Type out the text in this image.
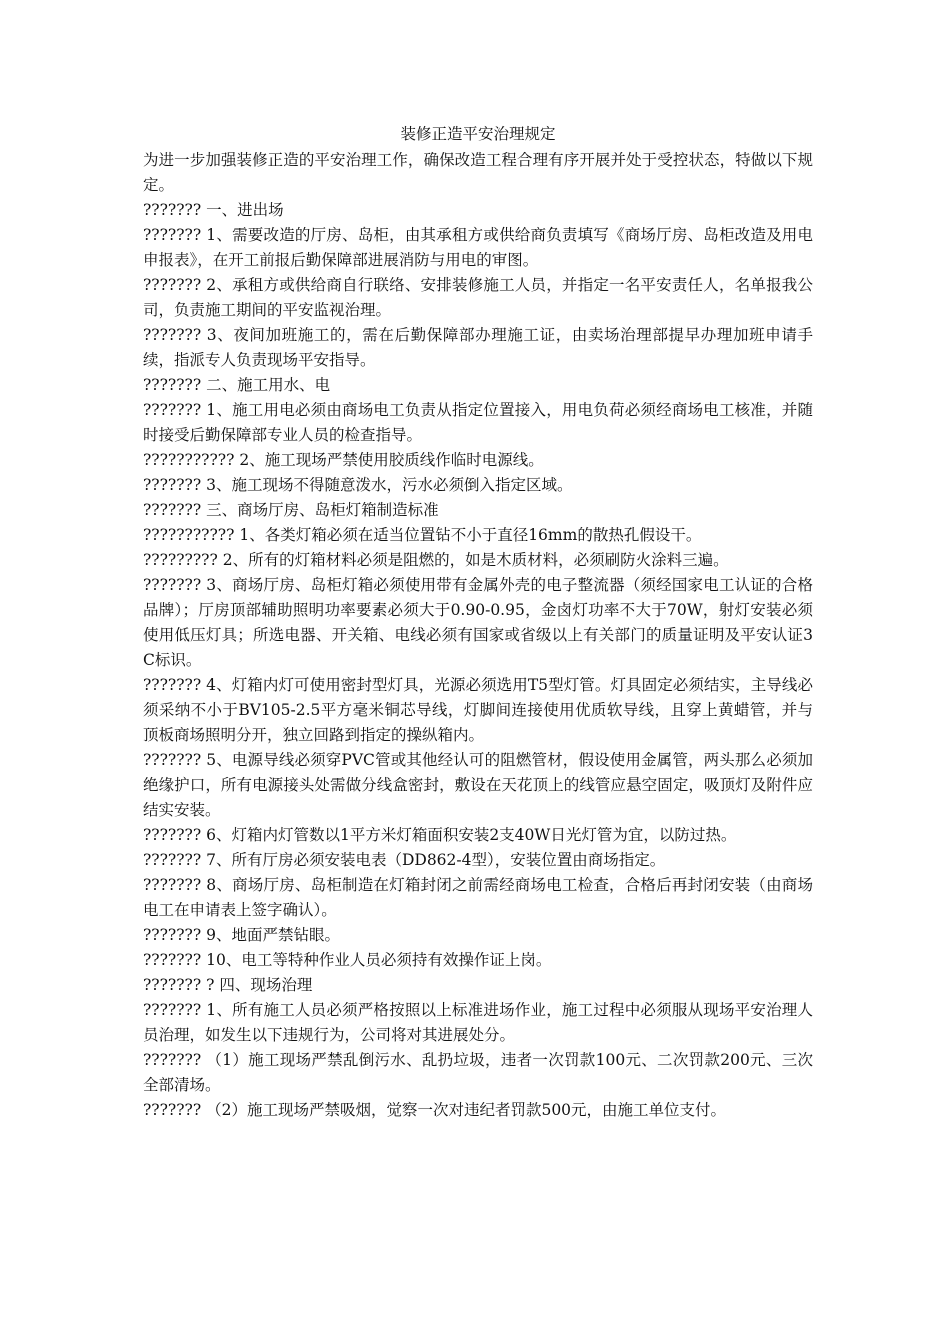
装修正造平安治理规定

为进一步加强装修正造的平安治理工作，确保改造工程合理有序开展并处于受控状态，特做以下规定。

??????? 一、进出场

??????? 1、需要改造的厅房、岛柜，由其承租方或供给商负责填写《商场厅房、岛柜改造及用电申报表》，在开工前报后勤保障部进展消防与用电的审图。

??????? 2、承租方或供给商自行联络、安排装修施工人员，并指定一名平安责任人，名单报我公司，负责施工期间的平安监视治理。

??????? 3、夜间加班施工的，需在后勤保障部办理施工证，由卖场治理部提早办理加班申请手续，指派专人负责现场平安指导。

??????? 二、施工用水、电

??????? 1、施工用电必须由商场电工负责从指定位置接入，用电负荷必须经商场电工核准，并随时接受后勤保障部专业人员的检查指导。

??????????? 2、施工现场严禁使用胶质线作临时电源线。

??????? 3、施工现场不得随意泼水，污水必须倒入指定区域。

??????? 三、商场厅房、岛柜灯箱制造标准

??????????? 1、各类灯箱必须在适当位置钻不小于直径16mm的散热孔假设干。

????????? 2、所有的灯箱材料必须是阻燃的，如是木质材料，必须刷防火涂料三遍。

??????? 3、商场厅房、岛柜灯箱必须使用带有金属外壳的电子整流器（须经国家电工认证的合格品牌）；厅房顶部辅助照明功率要素必须大于0.90-0.95，金卤灯功率不大于70W，射灯安装必须使用低压灯具；所选电器、开关箱、电线必须有国家或省级以上有关部门的质量证明及平安认证3C标识。

??????? 4、灯箱内灯可使用密封型灯具，光源必须选用T5型灯管。灯具固定必须结实，主导线必须采纳不小于BV105-2.5平方毫米铜芯导线，灯脚间连接使用优质软导线，且穿上黄蜡管，并与顶板商场照明分开，独立回路到指定的操纵箱内。

??????? 5、电源导线必须穿PVC管或其他经认可的阻燃管材，假设使用金属管，两头那么必须加绝缘护口，所有电源接头处需做分线盒密封，敷设在天花顶上的线管应悬空固定，吸顶灯及附件应结实安装。

??????? 6、灯箱内灯管数以1平方米灯箱面积安装2支40W日光灯管为宜，以防过热。

??????? 7、所有厅房必须安装电表（DD862-4型），安装位置由商场指定。

??????? 8、商场厅房、岛柜制造在灯箱封闭之前需经商场电工检查，合格后再封闭安装（由商场电工在申请表上签字确认）。

??????? 9、地面严禁钻眼。

??????? 10、电工等特种作业人员必须持有效操作证上岗。

??????? ? 四、现场治理

??????? 1、所有施工人员必须严格按照以上标准进场作业，施工过程中必须服从现场平安治理人员治理，如发生以下违规行为，公司将对其进展处分。

??????? （1）施工现场严禁乱倒污水、乱扔垃圾，违者一次罚款100元、二次罚款200元、三次全部清场。

??????? （2）施工现场严禁吸烟，觉察一次对违纪者罚款500元，由施工单位支付。
